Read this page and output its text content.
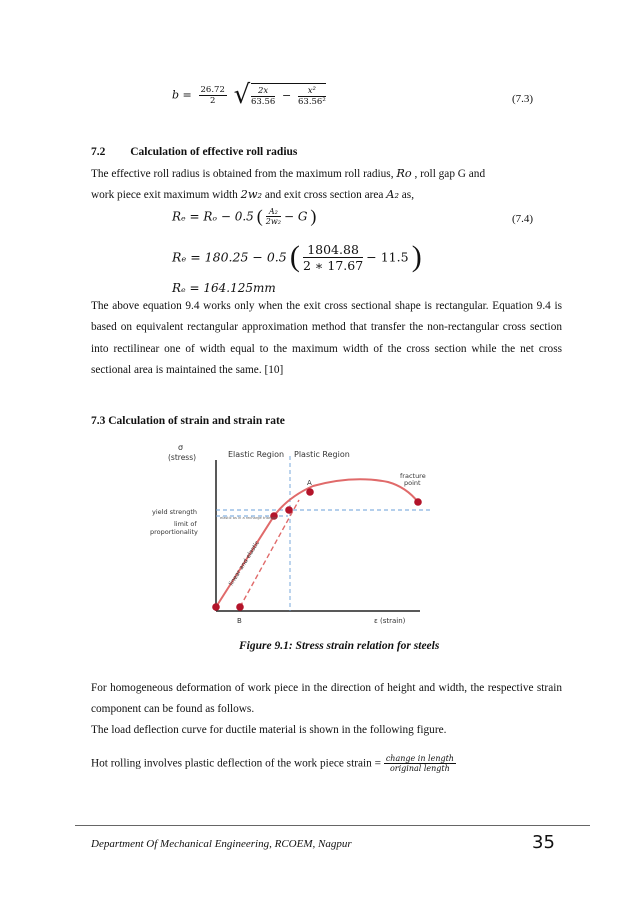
$b = \frac{26.72}{2}$ √ $\frac{2x}{63.56} - \frac{\text{x²}}{\text{63.56²}}$	(7.3)
7.2 Calculation of effective roll radius
The effective roll radius is obtained from the maximum roll radius, Ro , roll gap G and
work piece exit maximum width 2w₂ and exit cross section area A₂ as,
Rₑ = Rₒ − 0.5 ( $\frac{\text{A₂}}{\text{2w₂}} - G$ )	(7.4)
Rₑ = 180.25 − 0.5 ( $\frac{1804.88}{2 ∗ 17.67} - 11.5$ )
Rₑ = 164.125mm
The above equation 9.4 works only when the exit cross sectional shape is rectangular. Equation 9.4 is based on equivalent rectangular approximation method that transfer the non-rectangular cross section into rectilinear one of width equal to the maximum width of the cross section while the net cross sectional area is maintained the same. [10]
7.3 Calculation of strain and strain rate
σ
(stress)	Elastic Region Plastic Region
fracture
point
yield strength
limit of
proportionality
elastic as in a recharge triangle
linear and elastic
A
B	ε (strain)
Figure 9.1: Stress strain relation for steels
For homogeneous deformation of work piece in the direction of height and width, the respective strain component can be found as follows.
The load deflection curve for ductile material is shown in the following figure.
Hot rolling involves plastic deflection of the work piece strain = $\frac{\text{change in length}}{\text{original length}}$
Department Of Mechanical Engineering, RCOEM, Nagpur	35
